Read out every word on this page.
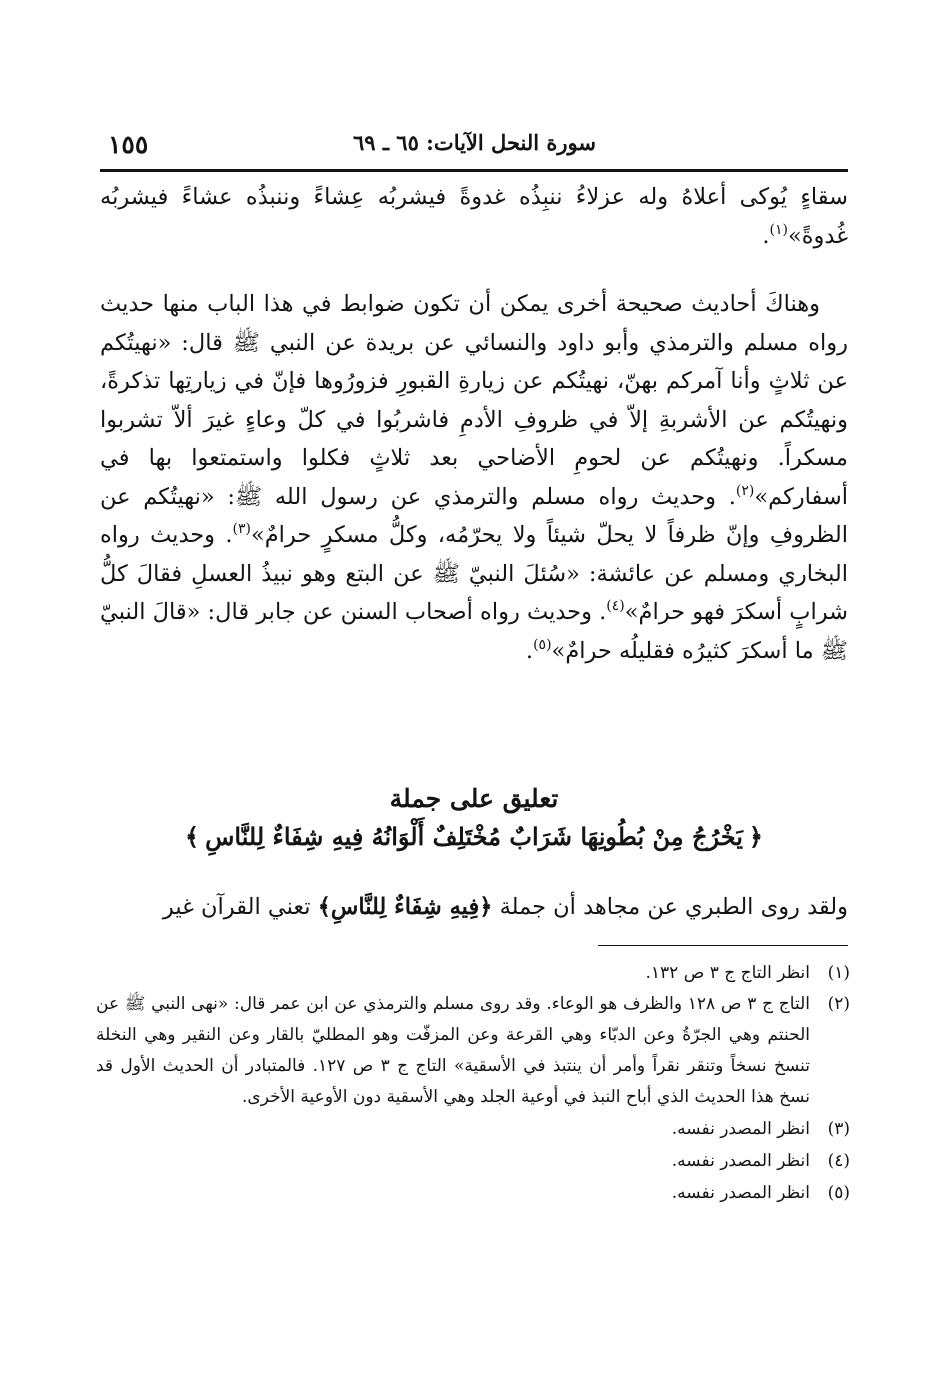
١٥٥	سورة النحل الآيات: ٦٥ ـ ٦٩

سقاءٍ يُوكى أعلاهُ وله عزلاءُ ننبِذُه غدوةً فيشربُه عِشاءً وننبذُه عشاءً فيشربُه غُدوةً»$^{(١)}$.

وهناكَ أحاديث صحيحة أخرى يمكن أن تكون ضوابط في هذا الباب منها حديث رواه مسلم والترمذي وأبو داود والنسائي عن بريدة عن النبي ﷺ قال: «نهيتُكم عن ثلاثٍ وأنا آمركم بهنّ، نهيتُكم عن زيارةِ القبورِ فزورُوها فإنّ في زيارتِها تذكرةً، ونهيتُكم عن الأشربةِ إلاّ في ظروفِ الأدمِ فاشربُوا في كلّ وعاءٍ غيرَ ألاّ تشربوا مسكراً. ونهيتُكم عن لحومِ الأضاحي بعد ثلاثٍ فكلوا واستمتعوا بها في أسفاركم»$^{(٢)}$. وحديث رواه مسلم والترمذي عن رسول الله ﷺ: «نهيتُكم عن الظروفِ وإنّ ظرفاً لا يحلّ شيئاً ولا يحرّمُه، وكلُّ مسكرٍ حرامٌ»$^{(٣)}$. وحديث رواه البخاري ومسلم عن عائشة: «سُئلَ النبيّ ﷺ عن البتع وهو نبيذُ العسلِ فقالَ كلُّ شرابٍ أسكرَ فهو حرامٌ»$^{(٤)}$. وحديث رواه أصحاب السنن عن جابر قال: «قالَ النبيّ ﷺ ما أسكرَ كثيرُه فقليلُه حرامٌ»$^{(٥)}$.

تعليق على جملة
﴿يَخْرُجُ مِنْ بُطُونِهَا شَرَابٌ مُخْتَلِفٌ أَلْوَانُهُ فِيهِ شِفَاءٌ لِلنَّاسِ﴾
ولقد روى الطبري عن مجاهد أن جملة ﴿فِيهِ شِفَاءٌ لِلنَّاسِ﴾ تعني القرآن غير
(١)
انظر التاج ج ٣ ص ١٣٢.
(٢)
التاج ج ٣ ص ١٢٨ والظرف هو الوعاء. وقد روى مسلم والترمذي عن ابن عمر قال: «نهى النبي ﷺ عن الحنتم وهي الجرّةُ وعن الدبّاء وهي القرعة وعن المزفّت وهو المطليّ بالقار وعن النقير وهي النخلة تنسخ نسخاً وتنقر نقراً وأمر أن ينتبذ في الأسقية» التاج ج ٣ ص ١٢٧. فالمتبادر أن الحديث الأول قد نسخ هذا الحديث الذي أباح النبذ في أوعية الجلد وهي الأسقية دون الأوعية الأخرى.
(٣)
انظر المصدر نفسه.
(٤)
انظر المصدر نفسه.
(٥)
انظر المصدر نفسه.
